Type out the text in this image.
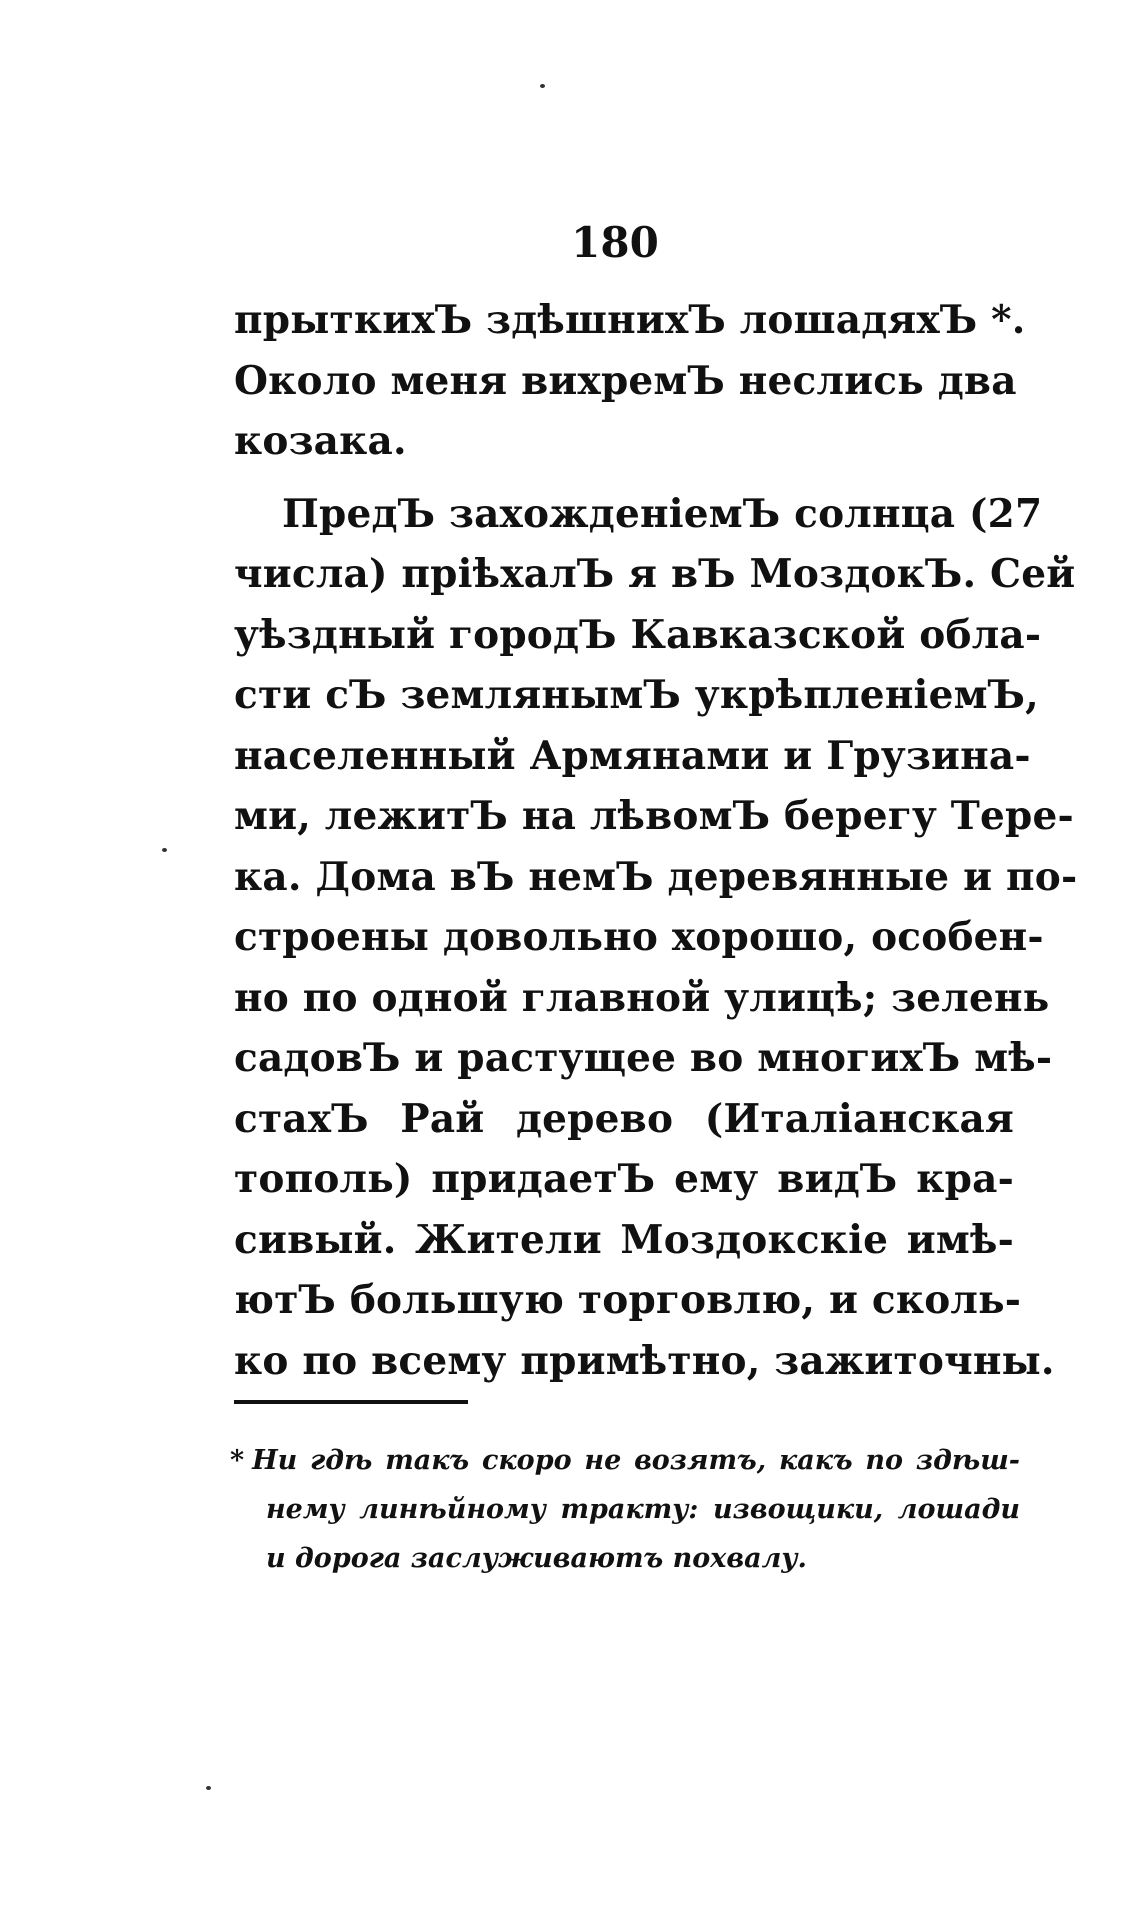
180
прыткихЪ здѣшнихЪ лошадяхЪ *.
Около меня вихремЪ неслись два
козака.
ПредЪ захожденіемЪ солнца (27
числа) пріѣхалЪ я вЪ МоздокЪ. Сей
уѣздный городЪ Кавказской обла-
сти сЪ землянымЪ укрѣпленіемЪ,
населенный Армянами и Грузина-
ми, лежитЪ на лѣвомЪ берегу Тере-
ка. Дома вЪ немЪ деревянные и по-
строены довольно хорошо, особен-
но по одной главной улицѣ; зелень
садовЪ и растущее во многихЪ мѣ-
стахЪ Рай дерево (Италіанская
тополь) придаетЪ ему видЪ кра-
сивый. Жители Моздокскіе имѣ-
ютЪ большую торговлю, и сколь-
ко по всему примѣтно, зажиточны.
* Ни гдѣ такъ скоро не возятъ, какъ по здѣш-
нему линѣйному тракту: извощики, лошади
и дорога заслуживаютъ похвалу.
